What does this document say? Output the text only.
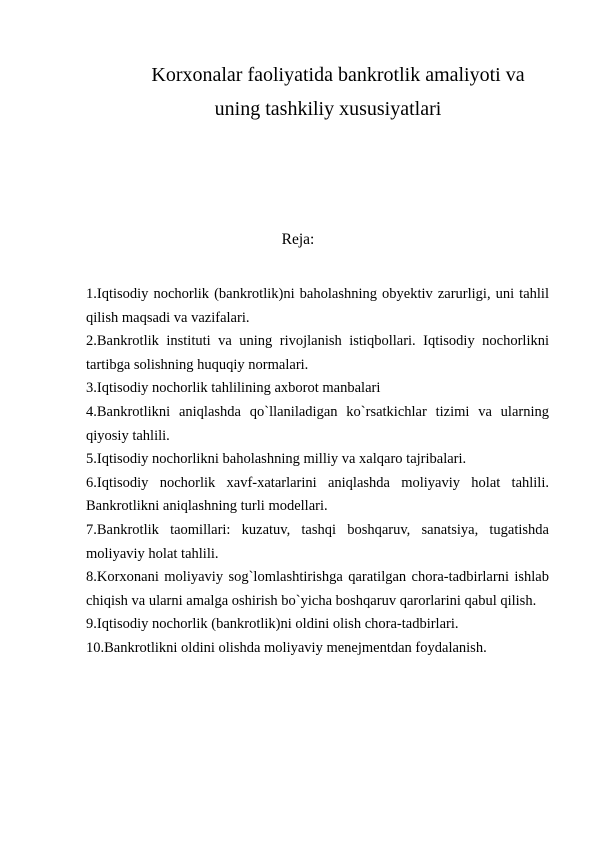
Korxonalar faoliyatida bankrotlik amaliyoti va
uning tashkiliy xususiyatlari
Reja:
1.Iqtisodiy nochorlik (bankrotlik)ni baholashning obyektiv zarurligi, uni tahlil qilish maqsadi va vazifalari.
2.Bankrotlik instituti va uning rivojlanish istiqbollari. Iqtisodiy nochorlikni tartibga solishning huquqiy normalari.
3.Iqtisodiy nochorlik tahlilining axborot manbalari
4.Bankrotlikni aniqlashda qo`llaniladigan ko`rsatkichlar tizimi va ularning qiyosiy tahlili.
5.Iqtisodiy nochorlikni baholashning milliy va xalqaro tajribalari.
6.Iqtisodiy nochorlik xavf-xatarlarini aniqlashda moliyaviy holat tahlili. Bankrotlikni aniqlashning turli modellari.
7.Bankrotlik taomillari: kuzatuv, tashqi boshqaruv, sanatsiya, tugatishda moliyaviy holat tahlili.
8.Korxonani moliyaviy sog`lomlashtirishga qaratilgan chora-tadbirlarni ishlab chiqish va ularni amalga oshirish bo`yicha boshqaruv qarorlarini qabul qilish.
9.Iqtisodiy nochorlik (bankrotlik)ni oldini olish chora-tadbirlari.
10.Bankrotlikni oldini olishda moliyaviy menejmentdan foydalanish.
